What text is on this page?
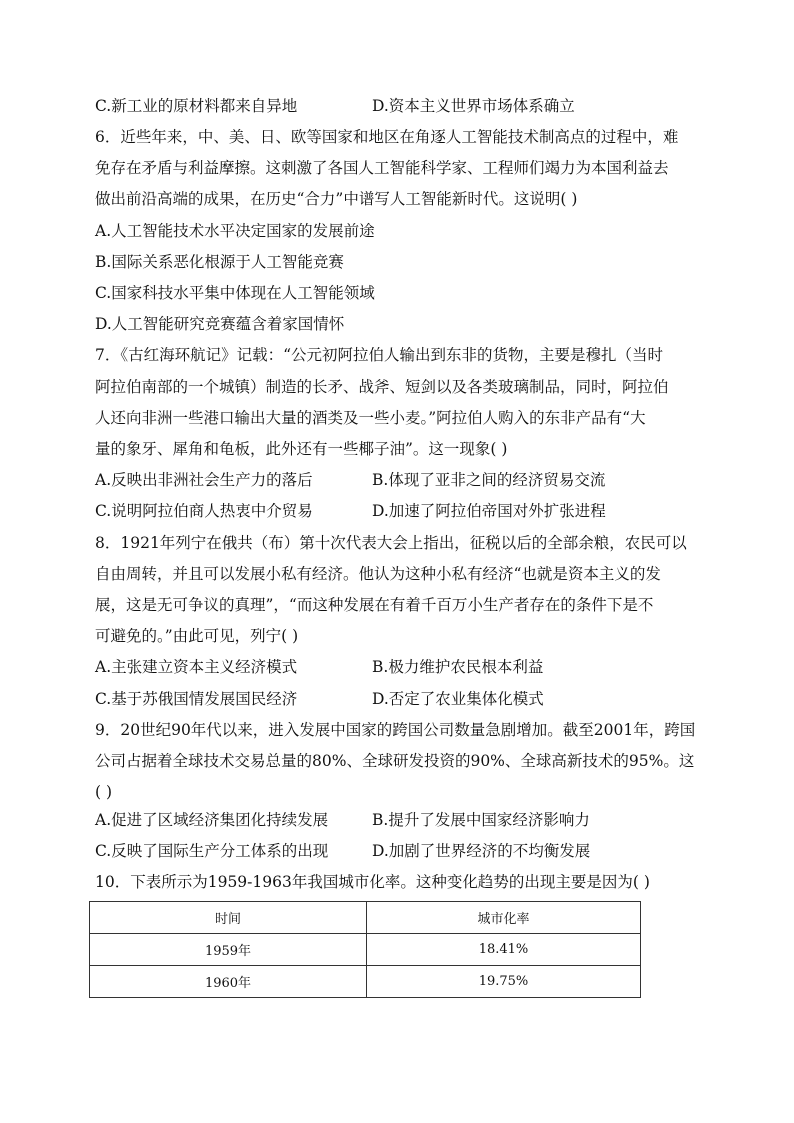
C.新工业的原材料都来自异地	D.资本主义世界市场体系确立
6．近些年来，中、美、日、欧等国家和地区在角逐人工智能技术制高点的过程中，难
免存在矛盾与利益摩擦。这刺激了各国人工智能科学家、工程师们竭力为本国利益去
做出前沿高端的成果，在历史“合力”中谱写人工智能新时代。这说明( )
A.人工智能技术水平决定国家的发展前途
B.国际关系恶化根源于人工智能竞赛
C.国家科技水平集中体现在人工智能领域
D.人工智能研究竞赛蕴含着家国情怀
7．《古红海环航记》记载：“公元初阿拉伯人输出到东非的货物，主要是穆扎（当时
阿拉伯南部的一个城镇）制造的长矛、战斧、短剑以及各类玻璃制品，同时，阿拉伯
人还向非洲一些港口输出大量的酒类及一些小麦。”阿拉伯人购入的东非产品有“大
量的象牙、犀角和龟板，此外还有一些椰子油”。这一现象( )
A.反映出非洲社会生产力的落后	B.体现了亚非之间的经济贸易交流
C.说明阿拉伯商人热衷中介贸易	D.加速了阿拉伯帝国对外扩张进程
8．1921年列宁在俄共（布）第十次代表大会上指出，征税以后的全部余粮，农民可以
自由周转，并且可以发展小私有经济。他认为这种小私有经济“也就是资本主义的发
展，这是无可争议的真理”，“而这种发展在有着千百万小生产者存在的条件下是不
可避免的。”由此可见，列宁( )
A.主张建立资本主义经济模式	B.极力维护农民根本利益
C.基于苏俄国情发展国民经济	D.否定了农业集体化模式
9．20世纪90年代以来，进入发展中国家的跨国公司数量急剧增加。截至2001年，跨国
公司占据着全球技术交易总量的80%、全球研发投资的90%、全球高新技术的95%。这
( )
A.促进了区域经济集团化持续发展	B.提升了发展中国家经济影响力
C.反映了国际生产分工体系的出现	D.加剧了世界经济的不均衡发展
10．下表所示为1959-1963年我国城市化率。这种变化趋势的出现主要是因为( )
时间	城市化率
1959年	18.41%
1960年	19.75%
